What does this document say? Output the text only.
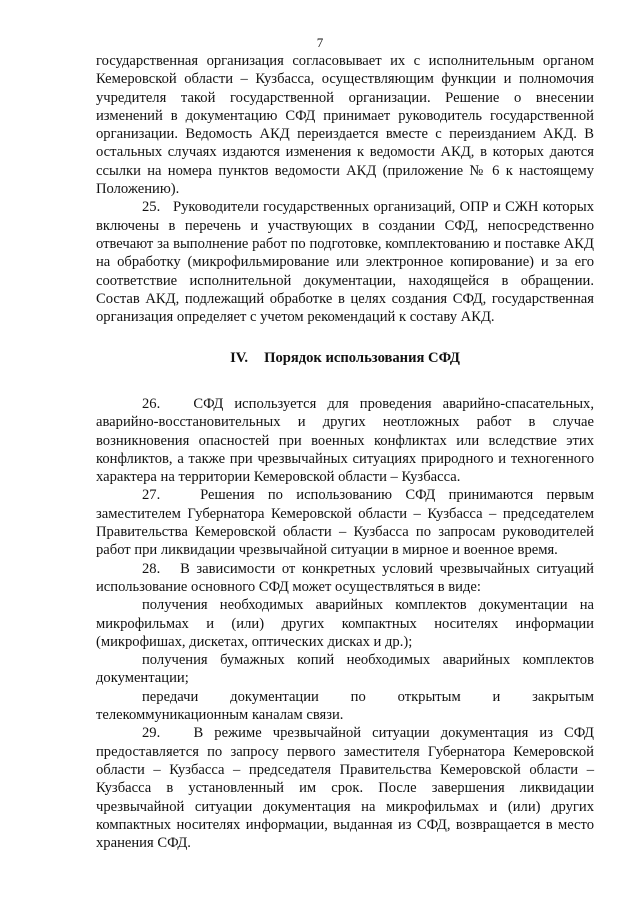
7

государственная организация согласовывает их с исполнительным органом Кемеровской области – Кузбасса, осуществляющим функции и полномочия учредителя такой государственной организации. Решение о внесении изменений в документацию СФД принимает руководитель государственной организации. Ведомость АКД переиздается вместе с переизданием АКД. В остальных случаях издаются изменения к ведомости АКД, в которых даются ссылки на номера пунктов ведомости АКД (приложение № 6 к настоящему Положению).

25.   Руководители государственных организаций, ОПР и СЖН которых включены в перечень и участвующих в создании СФД, непосредственно отвечают за выполнение работ по подготовке, комплектованию и поставке АКД на обработку (микрофильмирование или электронное копирование) и за его соответствие исполнительной документации, находящейся в обращении. Состав АКД, подлежащий обработке в целях создания СФД, государственная организация определяет с учетом рекомендаций к составу АКД.

IV. Порядок использования СФД

26.   СФД используется для проведения аварийно-спасательных, аварийно-восстановительных и других неотложных работ в случае возникновения опасностей при военных конфликтах или вследствие этих конфликтов, а также при чрезвычайных ситуациях природного и техногенного характера на территории Кемеровской области – Кузбасса.

27.   Решения по использованию СФД принимаются первым заместителем Губернатора Кемеровской области – Кузбасса – председателем Правительства Кемеровской области – Кузбасса по запросам руководителей работ при ликвидации чрезвычайной ситуации в мирное и военное время.

28.   В зависимости от конкретных условий чрезвычайных ситуаций использование основного СФД может осуществляться в виде:

получения необходимых аварийных комплектов документации на микрофильмах и (или) других компактных носителях информации (микрофишах, дискетах, оптических дисках и др.);

получения бумажных копий необходимых аварийных комплектов документации;

передачи документации по открытым и закрытым телекоммуникационным каналам связи.

29.   В режиме чрезвычайной ситуации документация из СФД предоставляется по запросу первого заместителя Губернатора Кемеровской области – Кузбасса – председателя Правительства Кемеровской области – Кузбасса в установленный им срок. После завершения ликвидации чрезвычайной ситуации документация на микрофильмах и (или) других компактных носителях информации, выданная из СФД, возвращается в место хранения СФД.
